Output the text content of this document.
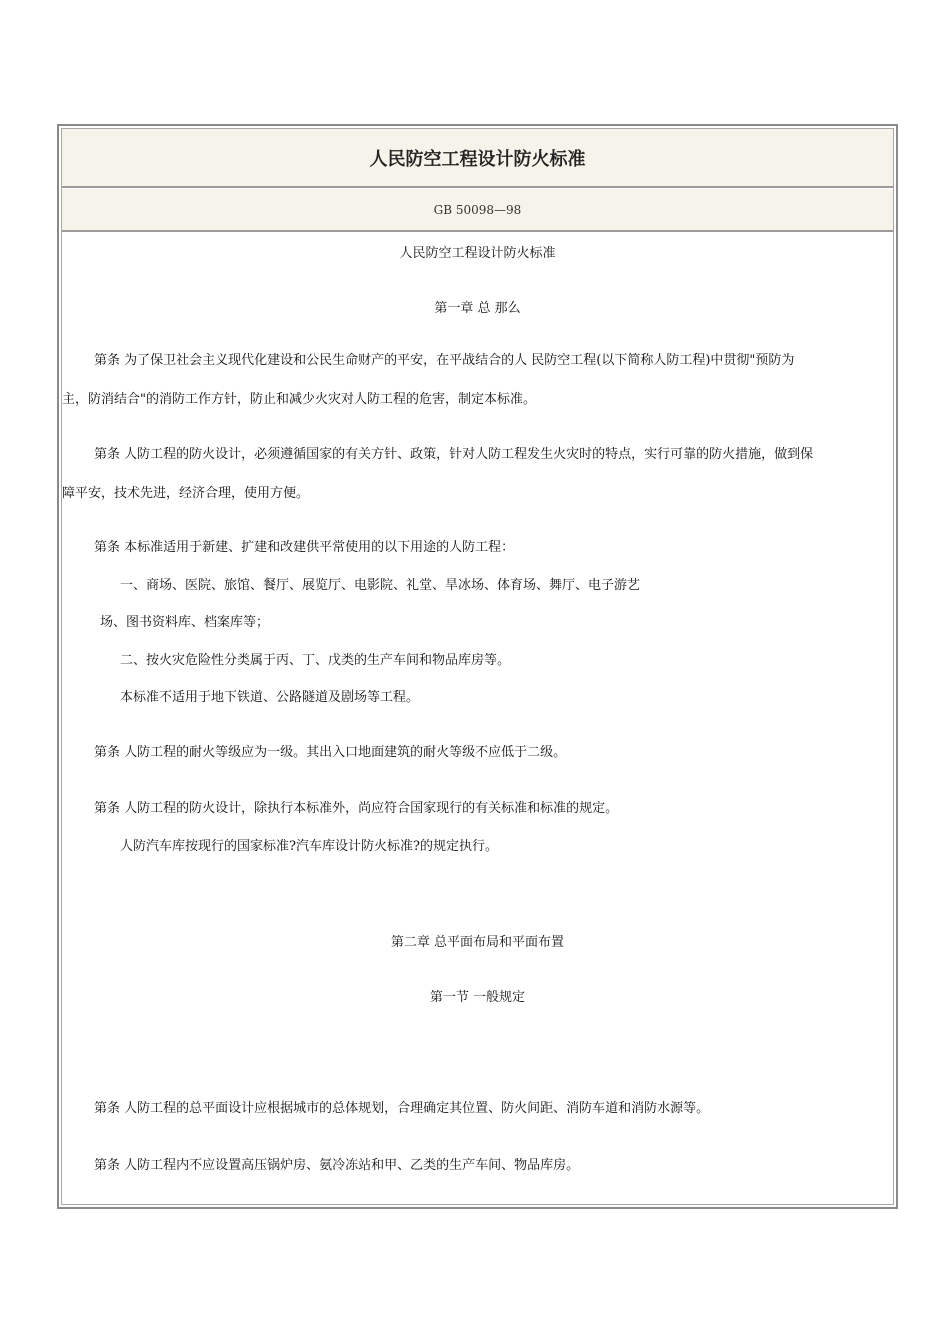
人民防空工程设计防火标准
GB 50098—98
人民防空工程设计防火标准
第一章 总 那么
第条 为了保卫社会主义现代化建设和公民生命财产的平安，在平战结合的人 民防空工程(以下简称人防工程)中贯彻"预防为
主，防消结合"的消防工作方针，防止和减少火灾对人防工程的危害，制定本标准。
第条 人防工程的防火设计，必须遵循国家的有关方针、政策，针对人防工程发生火灾时的特点，实行可靠的防火措施，做到保
障平安，技术先进，经济合理，使用方便。
第条 本标准适用于新建、扩建和改建供平常使用的以下用途的人防工程：
一、商场、医院、旅馆、餐厅、展览厅、电影院、礼堂、旱冰场、体育场、舞厅、电子游艺
场、图书资料库、档案库等；
二、按火灾危险性分类属于丙、丁、戊类的生产车间和物品库房等。
本标准不适用于地下铁道、公路隧道及剧场等工程。
第条 人防工程的耐火等级应为一级。其出入口地面建筑的耐火等级不应低于二级。
第条 人防工程的防火设计，除执行本标准外，尚应符合国家现行的有关标准和标准的规定。
人防汽车库按现行的国家标准?汽车库设计防火标准?的规定执行。
第二章 总平面布局和平面布置
第一节 一般规定
第条 人防工程的总平面设计应根据城市的总体规划，合理确定其位置、防火间距、消防车道和消防水源等。
第条 人防工程内不应设置高压锅炉房、氨冷冻站和甲、乙类的生产车间、物品库房。
